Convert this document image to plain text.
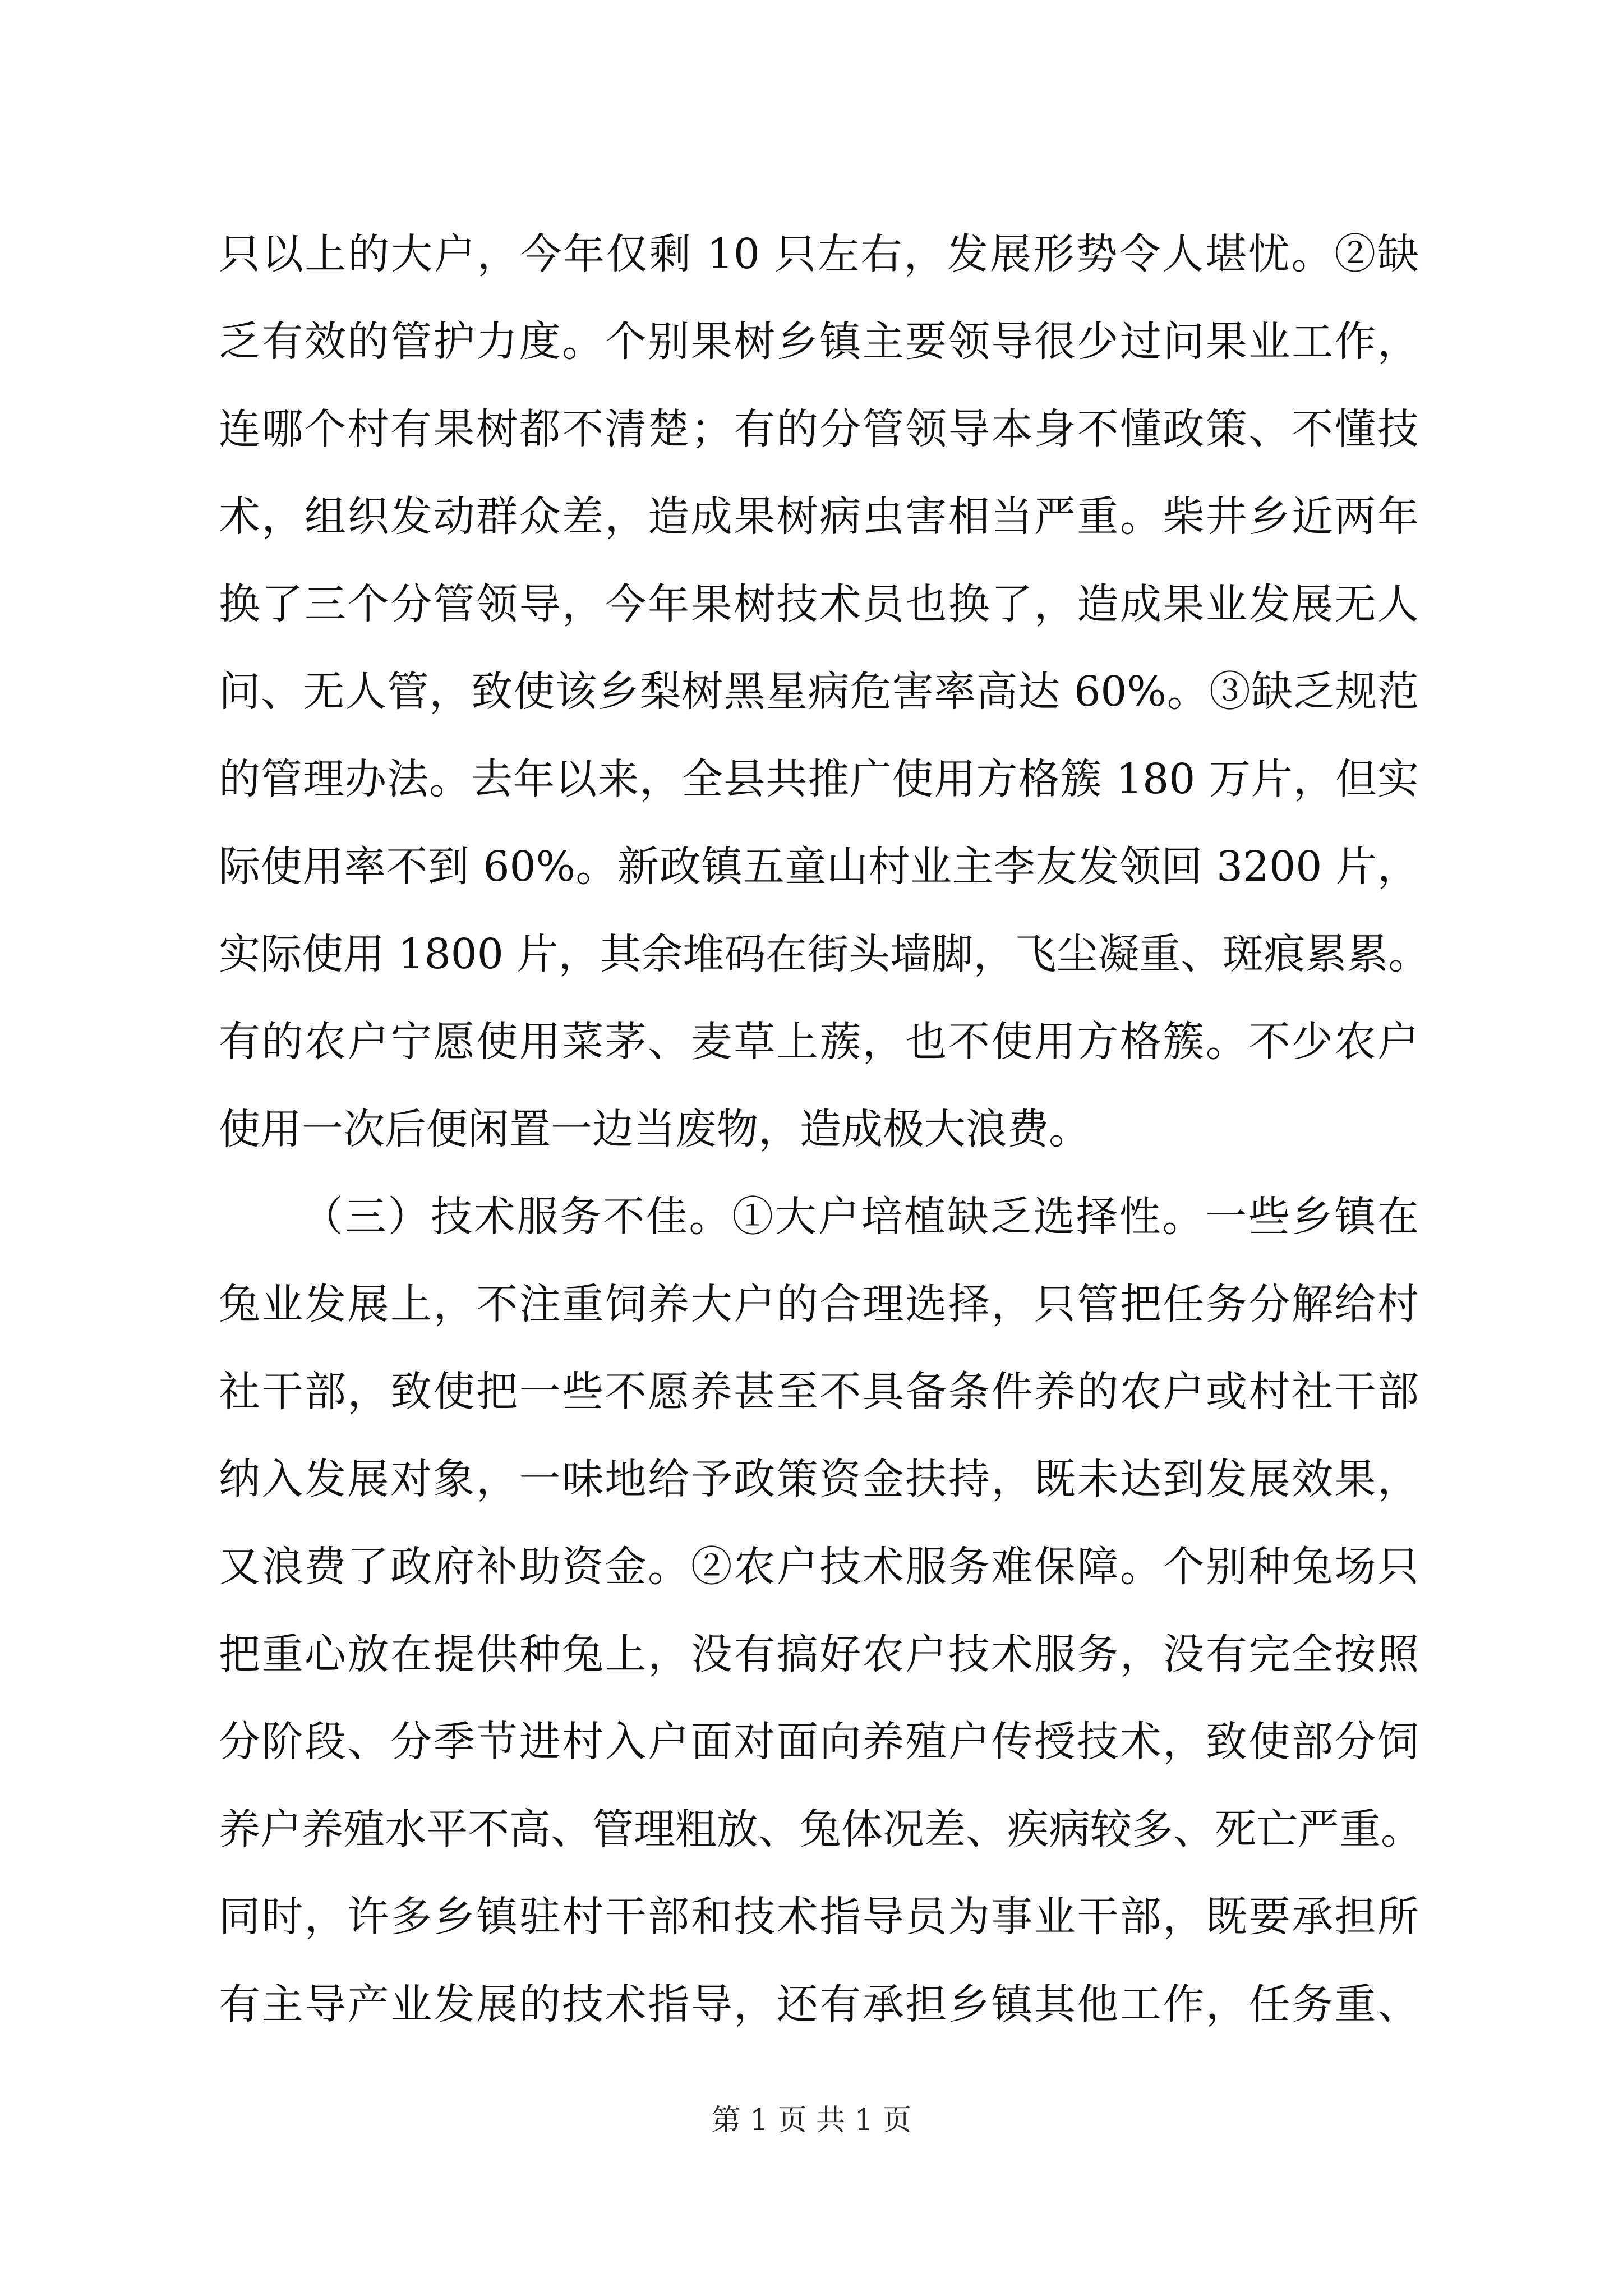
只以上的大户，今年仅剩 10 只左右，发展形势令人堪忧。②缺
乏有效的管护力度。个别果树乡镇主要领导很少过问果业工作，
连哪个村有果树都不清楚；有的分管领导本身不懂政策、不懂技
术，组织发动群众差，造成果树病虫害相当严重。柴井乡近两年
换了三个分管领导，今年果树技术员也换了，造成果业发展无人
问、无人管，致使该乡梨树黑星病危害率高达 60%。③缺乏规范
的管理办法。去年以来，全县共推广使用方格簇 180 万片，但实
际使用率不到 60%。新政镇五童山村业主李友发领回 3200 片，
实际使用 1800 片，其余堆码在街头墙脚，飞尘凝重、斑痕累累。
有的农户宁愿使用菜茅、麦草上蔟，也不使用方格簇。不少农户
使用一次后便闲置一边当废物，造成极大浪费。
（三）技术服务不佳。①大户培植缺乏选择性。一些乡镇在
兔业发展上，不注重饲养大户的合理选择，只管把任务分解给村
社干部，致使把一些不愿养甚至不具备条件养的农户或村社干部
纳入发展对象，一味地给予政策资金扶持，既未达到发展效果，
又浪费了政府补助资金。②农户技术服务难保障。个别种兔场只
把重心放在提供种兔上，没有搞好农户技术服务，没有完全按照
分阶段、分季节进村入户面对面向养殖户传授技术，致使部分饲
养户养殖水平不高、管理粗放、兔体况差、疾病较多、死亡严重。
同时，许多乡镇驻村干部和技术指导员为事业干部，既要承担所
有主导产业发展的技术指导，还有承担乡镇其他工作，任务重、
第 1 页 共 1 页
